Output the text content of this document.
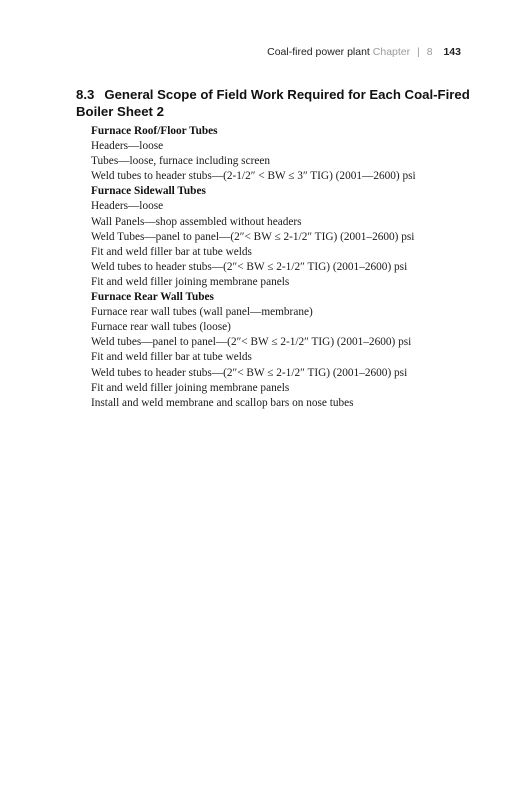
Coal-fired power plant Chapter | 8 143
8.3 General Scope of Field Work Required for Each Coal-Fired Boiler Sheet 2
Furnace Roof/Floor Tubes
Headers—loose
Tubes—loose, furnace including screen
Weld tubes to header stubs—(2-1/2″ < BW ≤ 3″ TIG) (2001—2600) psi
Furnace Sidewall Tubes
Headers—loose
Wall Panels—shop assembled without headers
Weld Tubes—panel to panel—(2″< BW ≤ 2-1/2″ TIG) (2001–2600) psi
Fit and weld filler bar at tube welds
Weld tubes to header stubs—(2″< BW ≤ 2-1/2″ TIG) (2001–2600) psi
Fit and weld filler joining membrane panels
Furnace Rear Wall Tubes
Furnace rear wall tubes (wall panel—membrane)
Furnace rear wall tubes (loose)
Weld tubes—panel to panel—(2″< BW ≤ 2-1/2″ TIG) (2001–2600) psi
Fit and weld filler bar at tube welds
Weld tubes to header stubs—(2″< BW ≤ 2-1/2″ TIG) (2001–2600) psi
Fit and weld filler joining membrane panels
Install and weld membrane and scallop bars on nose tubes
